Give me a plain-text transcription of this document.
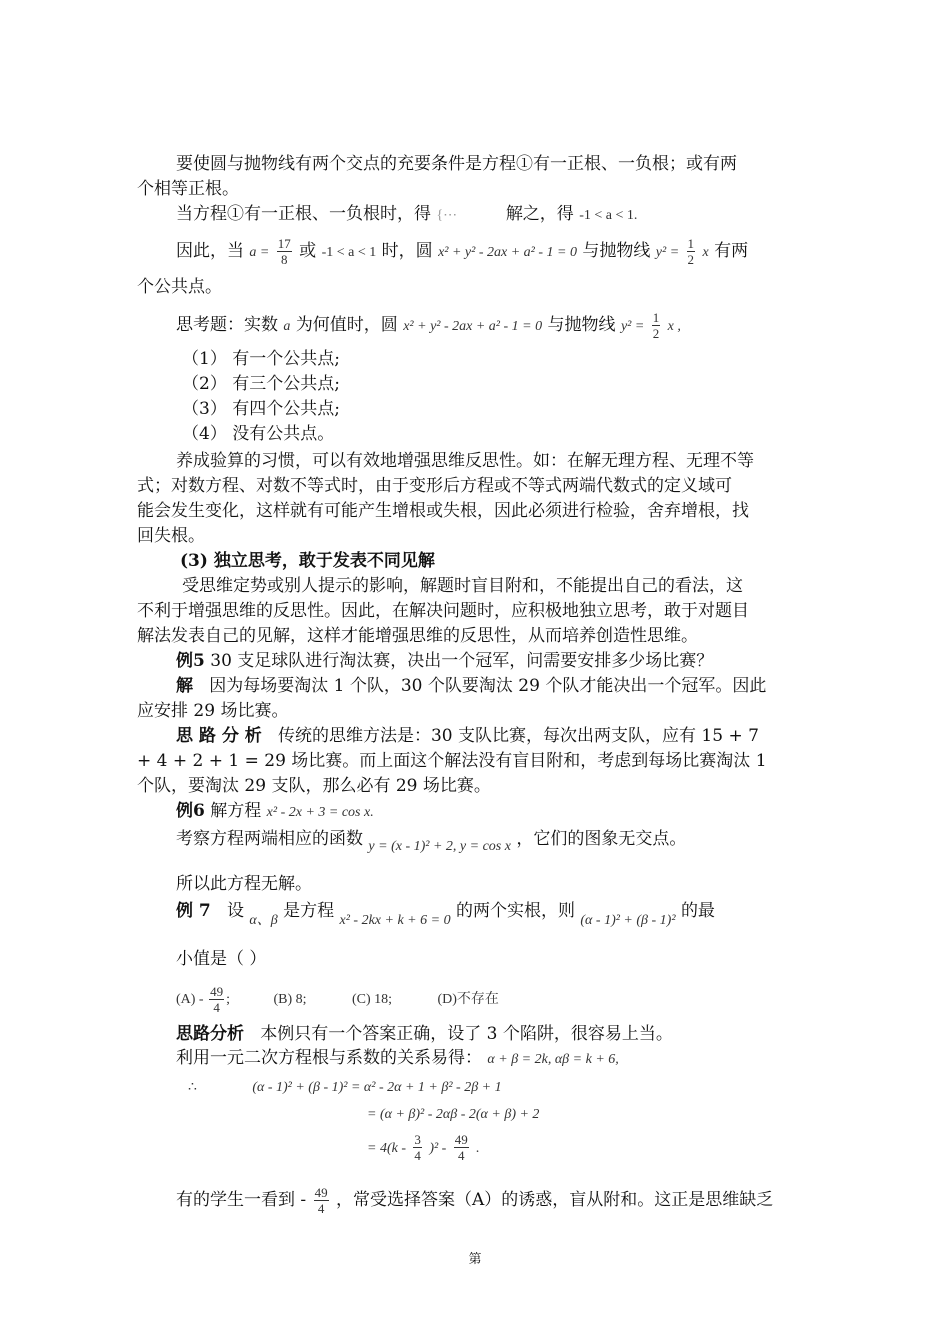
要使圆与抛物线有两个交点的充要条件是方程①有一正根、一负根；或有两
个相等正根。
当方程①有一正根、一负根时，得 {⋯	解之，得 -1 < a < 1.
因此，当 $a = \frac{17}{8}$ 或 -1 < a < 1 时，圆 x² + y² - 2ax + a² - 1 = 0 与抛物线 $y^2 = \frac{1}{2}$ x 有两
个公共点。
思考题：实数 a 为何值时，圆 x² + y² - 2ax + a² - 1 = 0 与抛物线 $y^2 = \frac{1}{2}$ x ,
（1） 有一个公共点;
（2） 有三个公共点;
（3） 有四个公共点;
（4） 没有公共点。
养成验算的习惯，可以有效地增强思维反思性。如：在解无理方程、无理不等
式；对数方程、对数不等式时，由于变形后方程或不等式两端代数式的定义域可
能会发生变化，这样就有可能产生增根或失根，因此必须进行检验，舍弃增根，找
回失根。
(3) 独立思考，敢于发表不同见解
受思维定势或别人提示的影响，解题时盲目附和，不能提出自己的看法，这
不利于增强思维的反思性。因此，在解决问题时，应积极地独立思考，敢于对题目
解法发表自己的见解，这样才能增强思维的反思性，从而培养创造性思维。
例5 30 支足球队进行淘汰赛，决出一个冠军，问需要安排多少场比赛？
解 因为每场要淘汰 1 个队，30 个队要淘汰 29 个队才能决出一个冠军。因此
应安排 29 场比赛。
思 路 分 析 传统的思维方法是：30 支队比赛，每次出两支队，应有 15 + 7
+ 4 + 2 + 1 = 29 场比赛。而上面这个解法没有盲目附和，考虑到每场比赛淘汰 1
个队，要淘汰 29 支队，那么必有 29 场比赛。
例6 解方程 x² - 2x + 3 = cos x.
考察方程两端相应的函数 y = (x - 1)² + 2, y = cos x ，它们的图象无交点。
所以此方程无解。
例 7 设 α、β 是方程 x² - 2kx + k + 6 = 0 的两个实根，则 (α - 1)² + (β - 1)² 的最
小值是（ ）
$(A) - \frac{49}{4}$ ;	(B) 8;	(C) 18;	(D)不存在
思路分析 本例只有一个答案正确，设了 3 个陷阱，很容易上当。
利用一元二次方程根与系数的关系易得： α + β = 2k, αβ = k + 6,
∴	(α - 1)² + (β - 1)² = α² - 2α + 1 + β² - 2β + 1
= (α + β)² - 2αβ - 2(α + β) + 2
= $4(k - \frac{3}{4} )^2 - \frac{49}{4}$ .
有的学生一看到 - $\frac{49}{4}$ ，常受选择答案（A）的诱惑，盲从附和。这正是思维缺乏
第
